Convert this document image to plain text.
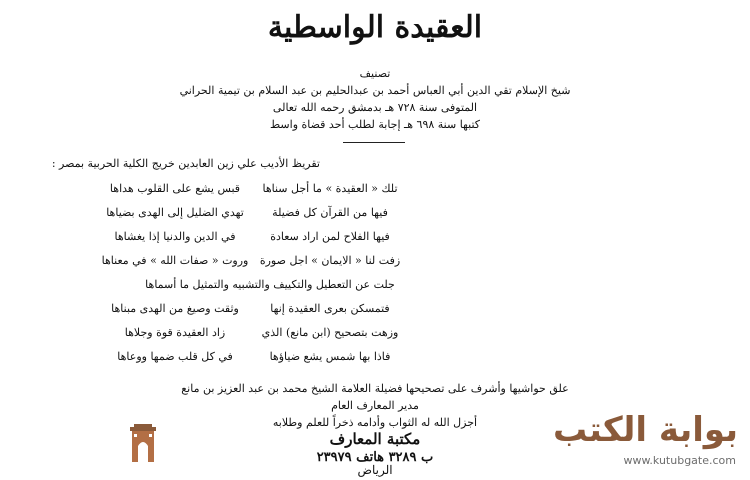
العقيدة الواسطية
تصنيف
شيخ الإسلام تقي الدين أبي العباس أحمد بن عبدالحليم بن عبد السلام بن تيمية الحراني
المتوفى سنة ٧٢٨ هـ بدمشق رحمه الله تعالى
كتبها سنة ٦٩٨ هـ إجابة لطلب أحد قضاة واسط
تقريظ الأديب علي زين العابدين خريج الكلية الحربية بمصر :
تلك « العقيدة » ما أجل سناها
قبس يشع على القلوب هداها
فيها من القرآن كل فضيلة
تهدي الضليل إلى الهدى بضياها
فيها الفلاح لمن اراد سعادة
في الدين والدنيا إذا يغشاها
زفت لنا « الايمان » اجل صورة
وروت « صفات الله » في معناها
جلت عن التعطيل والتكييف والتشبيه والتمثيل ما أسماها
فتمسكن بعرى العقيدة إنها
وثقت وصيغ من الهدى مبناها
وزهت بتصحيح (ابن مانع) الذي
زاد العقيدة قوة وجلاها
فاذا بها شمس يشع ضياؤها
في كل قلب ضمها ووعاها
علق حواشيها وأشرف على تصحيحها فضيلة العلامة الشيخ محمد بن عبد العزيز بن مانع
مدير المعارف العام
أجزل الله له الثواب وأدامه ذخراً للعلم وطلابه
مكتبة المعارف
ب ٣٢٨٩ هاتف ٢٣٩٧٩
الرياض
بوابة الكتب
www.kutubgate.com
